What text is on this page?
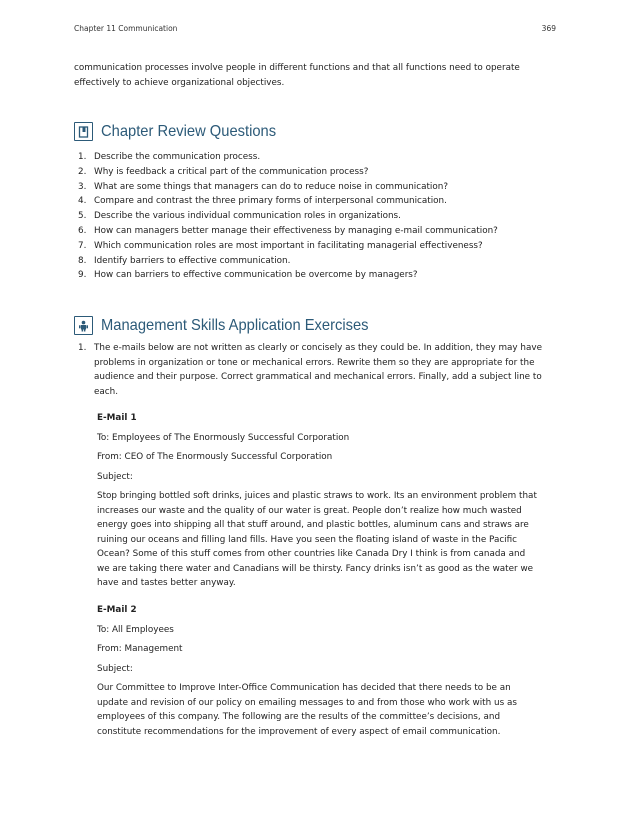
Chapter 11 Communication	369

communication processes involve people in different functions and that all functions need to operate effectively to achieve organizational objectives.

Chapter Review Questions
1. Describe the communication process.
2. Why is feedback a critical part of the communication process?
3. What are some things that managers can do to reduce noise in communication?
4. Compare and contrast the three primary forms of interpersonal communication.
5. Describe the various individual communication roles in organizations.
6. How can managers better manage their effectiveness by managing e-mail communication?
7. Which communication roles are most important in facilitating managerial effectiveness?
8. Identify barriers to effective communication.
9. How can barriers to effective communication be overcome by managers?
Management Skills Application Exercises
1. The e-mails below are not written as clearly or concisely as they could be. In addition, they may have problems in organization or tone or mechanical errors. Rewrite them so they are appropriate for the audience and their purpose. Correct grammatical and mechanical errors. Finally, add a subject line to each.

E-Mail 1

To: Employees of The Enormously Successful Corporation

From: CEO of The Enormously Successful Corporation

Subject:

Stop bringing bottled soft drinks, juices and plastic straws to work. Its an environment problem that increases our waste and the quality of our water is great. People don’t realize how much wasted energy goes into shipping all that stuff around, and plastic bottles, aluminum cans and straws are ruining our oceans and filling land fills. Have you seen the floating island of waste in the Pacific Ocean? Some of this stuff comes from other countries like Canada Dry I think is from canada and we are taking there water and Canadians will be thirsty. Fancy drinks isn’t as good as the water we have and tastes better anyway.

E-Mail 2

To: All Employees

From: Management

Subject:

Our Committee to Improve Inter-Office Communication has decided that there needs to be an update and revision of our policy on emailing messages to and from those who work with us as employees of this company. The following are the results of the committee’s decisions, and constitute recommendations for the improvement of every aspect of email communication.
